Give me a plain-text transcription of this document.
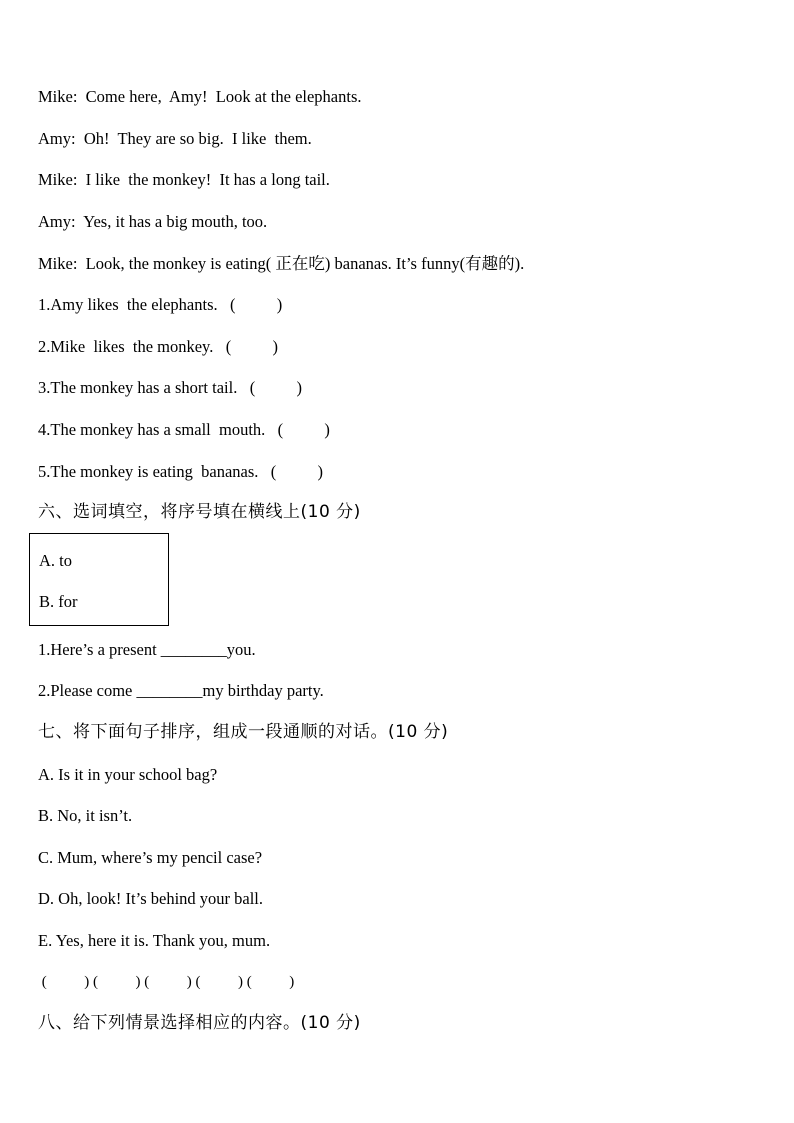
Mike:  Come here,  Amy!  Look at the elephants.
Amy:  Oh!  They are so big.  I like  them.
Mike:  I like  the monkey!  It has a long tail.
Amy:  Yes, it has a big mouth, too.
Mike:  Look, the monkey is eating( 正在吃) bananas. It’s funny(有趣的).
1.Amy likes  the elephants.   (          )
2.Mike  likes  the monkey.   (          )
3.The monkey has a short tail.   (          )
4.The monkey has a small  mouth.   (          )
5.The monkey is eating  bananas.   (          )
六、选词填空，将序号填在横线上(10 分)
A. to
B. for
1.Here’s a present ________you.
2.Please come ________my birthday party.
七、将下面句子排序，组成一段通顺的对话。(10 分)
A. Is it in your school bag?
B. No, it isn’t.
C. Mum, where’s my pencil case?
D. Oh, look! It’s behind your ball.
E. Yes, here it is. Thank you, mum.
(          ) (          ) (          ) (          ) (          )
八、给下列情景选择相应的内容。(10 分)
